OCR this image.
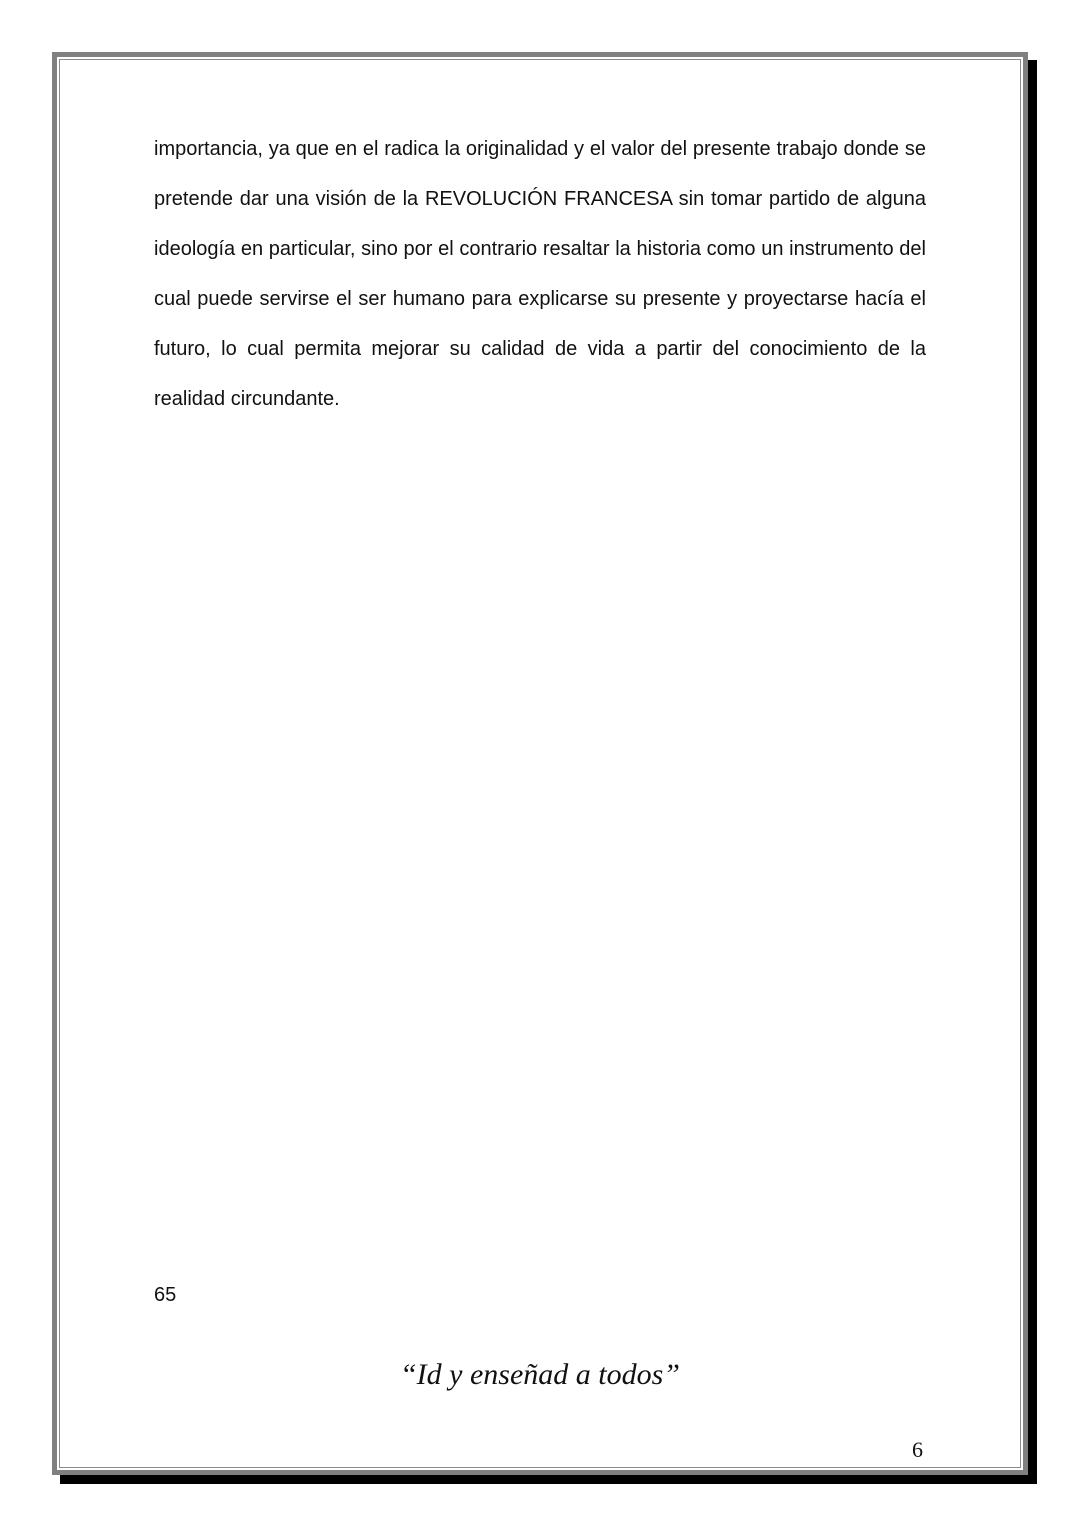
importancia, ya que en el radica la originalidad y el valor del presente trabajo donde se pretende dar una visión de la REVOLUCIÓN FRANCESA sin tomar partido de alguna ideología en particular, sino por el contrario resaltar la historia como un instrumento del cual puede servirse el ser humano para explicarse su presente y proyectarse hacía el futuro, lo cual permita mejorar su calidad de vida a partir del conocimiento de la realidad circundante.

65
“Id y enseñad a todos”
6
